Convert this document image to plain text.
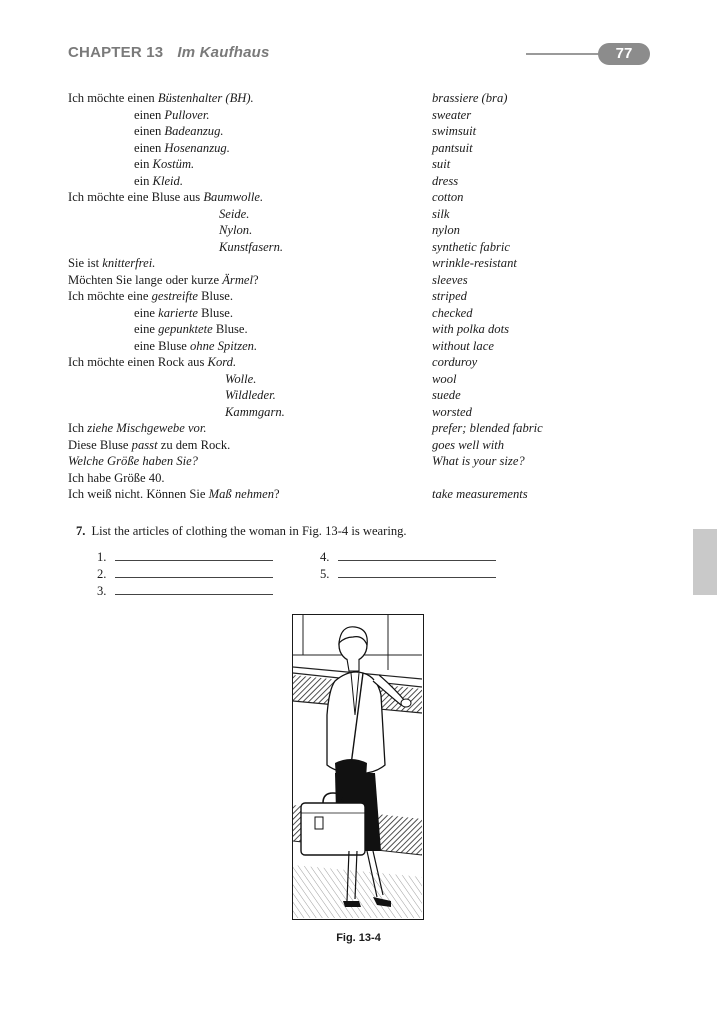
CHAPTER 13 Im Kaufhaus	77
Ich möchte einen Büstenhalter (BH).	brassiere (bra)
einen Pullover.	sweater
einen Badeanzug.	swimsuit
einen Hosenanzug.	pantsuit
ein Kostüm.	suit
ein Kleid.	dress
Ich möchte eine Bluse aus Baumwolle.	cotton
Seide.	silk
Nylon.	nylon
Kunstfasern.	synthetic fabric
Sie ist knitterfrei.	wrinkle-resistant
Möchten Sie lange oder kurze Ärmel?	sleeves
Ich möchte eine gestreifte Bluse.	striped
eine karierte Bluse.	checked
eine gepunktete Bluse.	with polka dots
eine Bluse ohne Spitzen.	without lace
Ich möchte einen Rock aus Kord.	corduroy
Wolle.	wool
Wildleder.	suede
Kammgarn.	worsted
Ich ziehe Mischgewebe vor.	prefer; blended fabric
Diese Bluse passt zu dem Rock.	goes well with
Welche Größe haben Sie?	What is your size?
Ich habe Größe 40.
Ich weiß nicht. Können Sie Maß nehmen?	take measurements
7. List the articles of clothing the woman in Fig. 13-4 is wearing.
1.
2.
3.
4.
5.
Fig. 13-4
